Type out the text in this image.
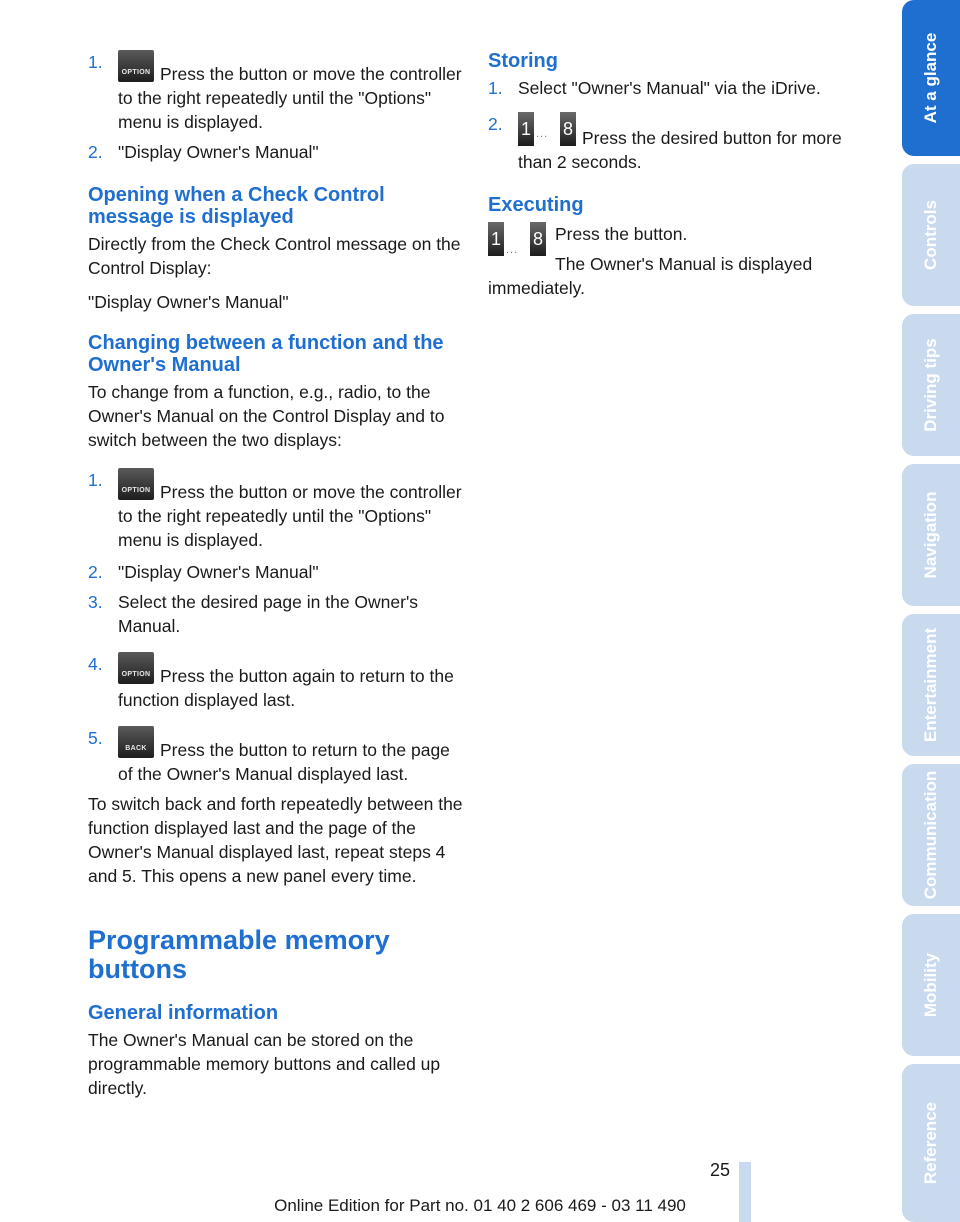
1.
OPTION Press the button or move the controller to the right repeatedly until the "Options" menu is displayed.
2. "Display Owner's Manual"
Opening when a Check Control message is displayed

Directly from the Check Control message on the Control Display:

"Display Owner's Manual"

Changing between a function and the Owner's Manual

To change from a function, e.g., radio, to the Owner's Manual on the Control Display and to switch between the two displays:

1.
OPTION Press the button or move the controller to the right repeatedly until the "Options" menu is displayed.
2. "Display Owner's Manual"
3. Select the desired page in the Owner's Manual.
4.
OPTION Press the button again to return to the function displayed last.
5.
BACK Press the button to return to the page of the Owner's Manual displayed last.

To switch back and forth repeatedly between the function displayed last and the page of the Owner's Manual displayed last, repeat steps 4 and 5. This opens a new panel every time.

Programmable memory buttons
General information

The Owner's Manual can be stored on the programmable memory buttons and called up directly.

Storing
1. Select "Owner's Manual" via the iDrive.
2. 1 ... 8 Press the desired button for more than 2 seconds.
Executing
1
...
8 Press the button.

The Owner's Manual is displayed immediately.

At a glance
Controls
Driving tips
Navigation
Entertainment
Communication
Mobility
Reference
25
Online Edition for Part no. 01 40 2 606 469 - 03 11 490
